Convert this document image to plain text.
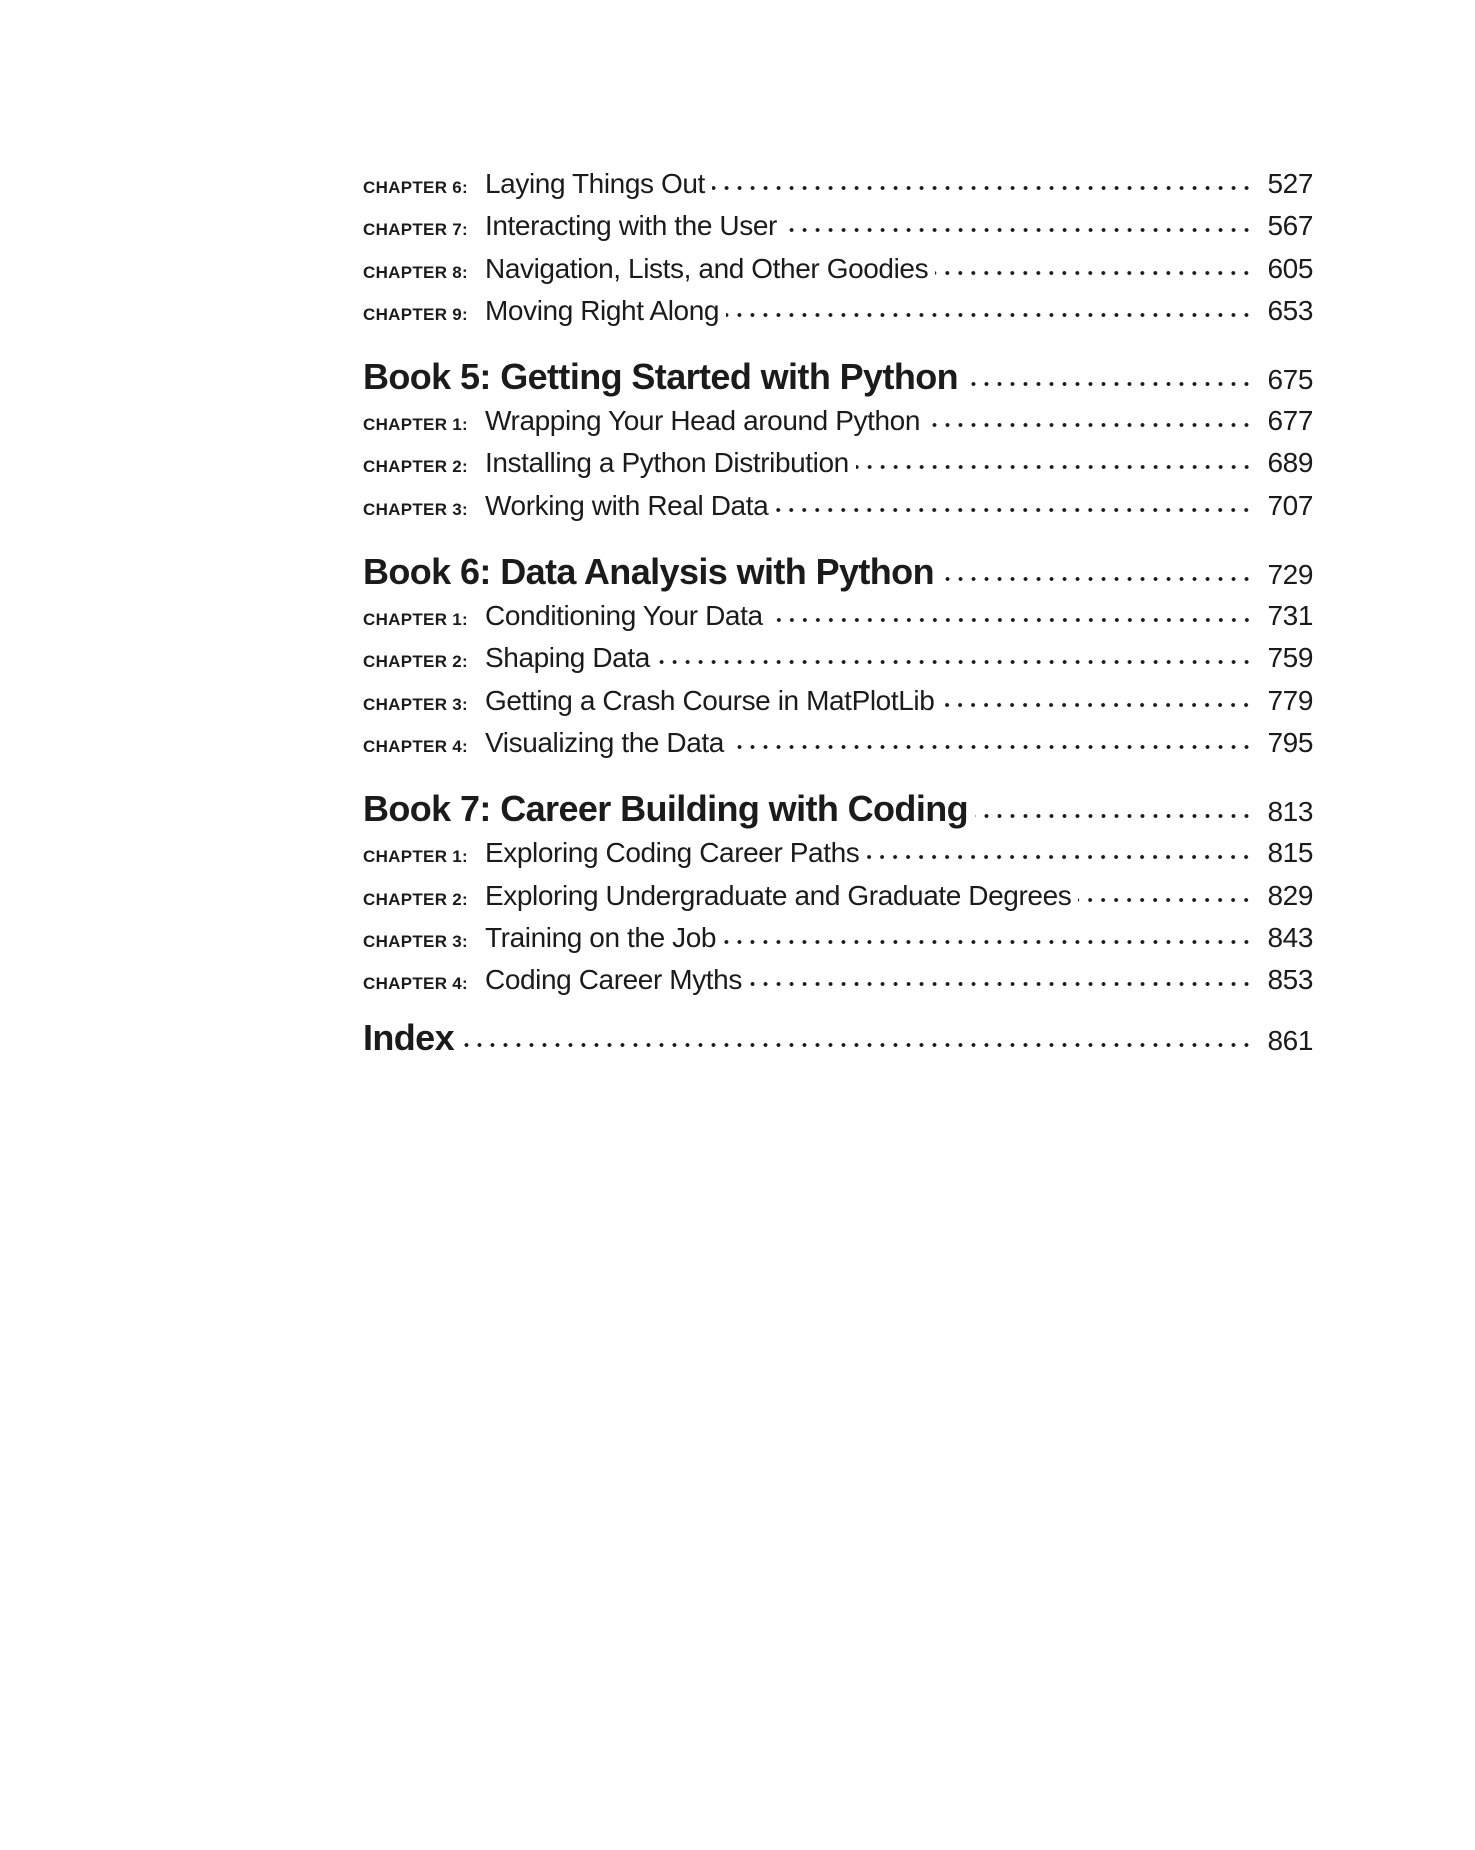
CHAPTER 6: Laying Things Out	527
CHAPTER 7: Interacting with the User	567
CHAPTER 8: Navigation, Lists, and Other Goodies	605
CHAPTER 9: Moving Right Along	653
Book 5: Getting Started with Python	675
CHAPTER 1: Wrapping Your Head around Python	677
CHAPTER 2: Installing a Python Distribution	689
CHAPTER 3: Working with Real Data	707
Book 6: Data Analysis with Python	729
CHAPTER 1: Conditioning Your Data	731
CHAPTER 2: Shaping Data	759
CHAPTER 3: Getting a Crash Course in MatPlotLib	779
CHAPTER 4: Visualizing the Data	795
Book 7: Career Building with Coding	813
CHAPTER 1: Exploring Coding Career Paths	815
CHAPTER 2: Exploring Undergraduate and Graduate Degrees	829
CHAPTER 3: Training on the Job	843
CHAPTER 4: Coding Career Myths	853
Index	861
